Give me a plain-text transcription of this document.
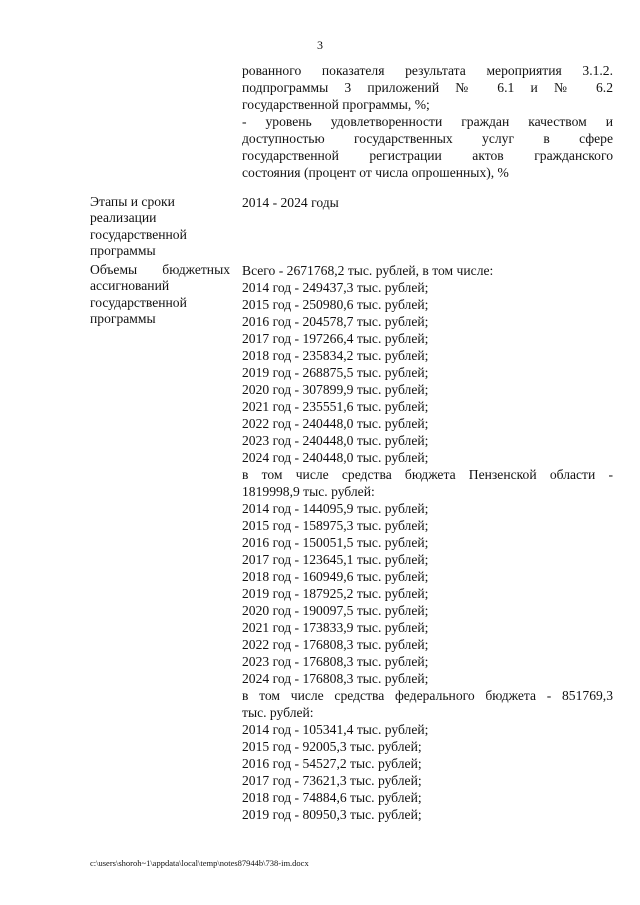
3
рованного показателя результата мероприятия 3.1.2.
подпрограммы 3 приложений № 6.1 и № 6.2
государственной программы, %;
- уровень удовлетворенности граждан качеством и
доступностью государственных услуг в сфере
государственной регистрации актов гражданского
состояния (процент от числа опрошенных), %
Этапы и сроки
реализации
государственной
программы
2014 - 2024 годы
Объемы бюджетных
ассигнований
государственной
программы
Всего - 2671768,2 тыс. рублей, в том числе:
2014 год - 249437,3 тыс. рублей;
2015 год - 250980,6 тыс. рублей;
2016 год - 204578,7 тыс. рублей;
2017 год - 197266,4 тыс. рублей;
2018 год - 235834,2 тыс. рублей;
2019 год - 268875,5 тыс. рублей;
2020 год - 307899,9 тыс. рублей;
2021 год - 235551,6 тыс. рублей;
2022 год - 240448,0 тыс. рублей;
2023 год - 240448,0 тыс. рублей;
2024 год - 240448,0 тыс. рублей;
в том числе средства бюджета Пензенской области -
1819998,9 тыс. рублей:
2014 год - 144095,9 тыс. рублей;
2015 год - 158975,3 тыс. рублей;
2016 год - 150051,5 тыс. рублей;
2017 год - 123645,1 тыс. рублей;
2018 год - 160949,6 тыс. рублей;
2019 год - 187925,2 тыс. рублей;
2020 год - 190097,5 тыс. рублей;
2021 год - 173833,9 тыс. рублей;
2022 год - 176808,3 тыс. рублей;
2023 год - 176808,3 тыс. рублей;
2024 год - 176808,3 тыс. рублей;
в том числе средства федерального бюджета - 851769,3
тыс. рублей:
2014 год - 105341,4 тыс. рублей;
2015 год - 92005,3 тыс. рублей;
2016 год - 54527,2 тыс. рублей;
2017 год - 73621,3 тыс. рублей;
2018 год - 74884,6 тыс. рублей;
2019 год - 80950,3 тыс. рублей;
c:\users\shoroh~1\appdata\local\temp\notes87944b\738-im.docx
